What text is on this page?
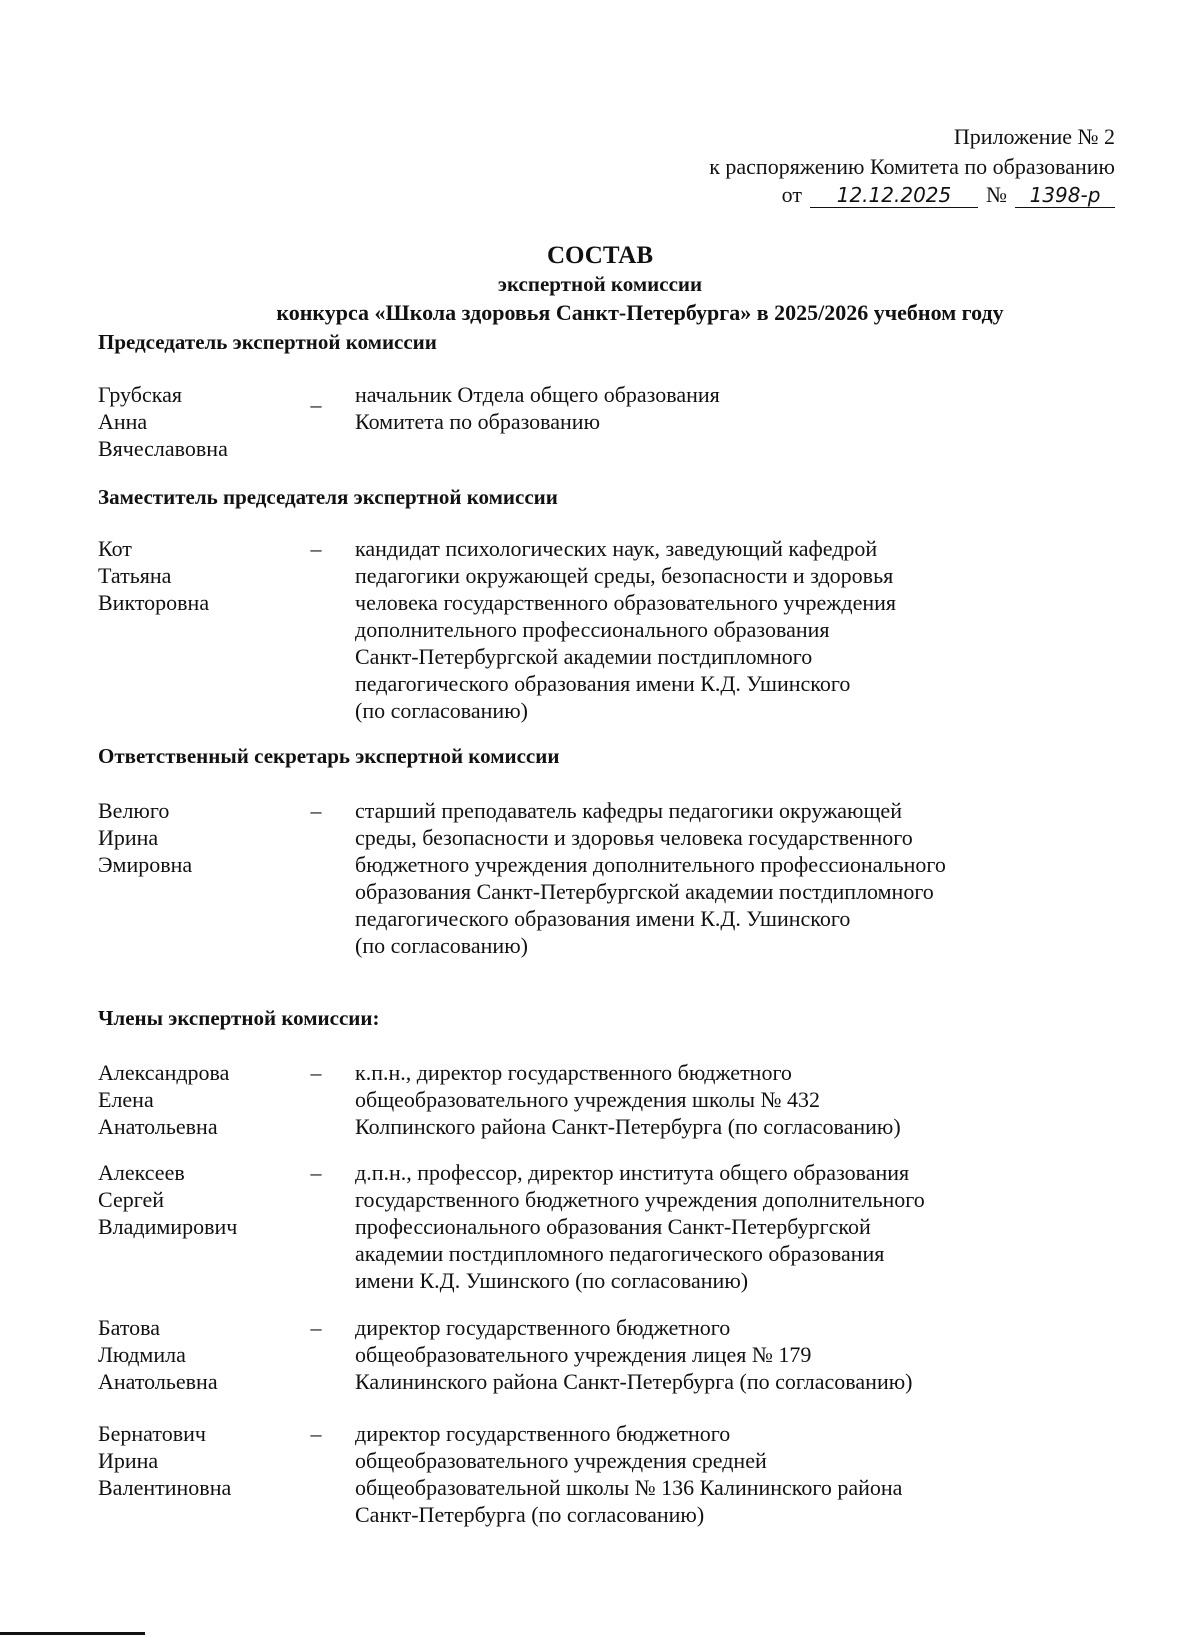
Приложение № 2
к распоряжению Комитета по образованию
от 12.12.2025 № 1398-р
СОСТАВ
экспертной комиссии
конкурса «Школа здоровья Санкт-Петербурга» в 2025/2026 учебном году
Председатель экспертной комиссии
Грубская
Анна
Вячеславовна
– начальник Отдела общего образования
Комитета по образованию
Заместитель председателя экспертной комиссии
Кот
Татьяна
Викторовна
– кандидат психологических наук, заведующий кафедрой
педагогики окружающей среды, безопасности и здоровья
человека государственного образовательного учреждения
дополнительного профессионального образования
Санкт-Петербургской академии постдипломного
педагогического образования имени К.Д. Ушинского
(по согласованию)
Ответственный секретарь экспертной комиссии
Велюго
Ирина
Эмировна
– старший преподаватель кафедры педагогики окружающей
среды, безопасности и здоровья человека государственного
бюджетного учреждения дополнительного профессионального
образования Санкт-Петербургской академии постдипломного
педагогического образования имени К.Д. Ушинского
(по согласованию)
Члены экспертной комиссии:
Александрова
Елена
Анатольевна
– к.п.н., директор государственного бюджетного
общеобразовательного учреждения школы № 432
Колпинского района Санкт-Петербурга (по согласованию)
Алексеев
Сергей
Владимирович
– д.п.н., профессор, директор института общего образования
государственного бюджетного учреждения дополнительного
профессионального образования Санкт-Петербургской
академии постдипломного педагогического образования
имени К.Д. Ушинского (по согласованию)
Батова
Людмила
Анатольевна
– директор государственного бюджетного
общеобразовательного учреждения лицея № 179
Калининского района Санкт-Петербурга (по согласованию)
Бернатович
Ирина
Валентиновна
– директор государственного бюджетного
общеобразовательного учреждения средней
общеобразовательной школы № 136 Калининского района
Санкт-Петербурга (по согласованию)
